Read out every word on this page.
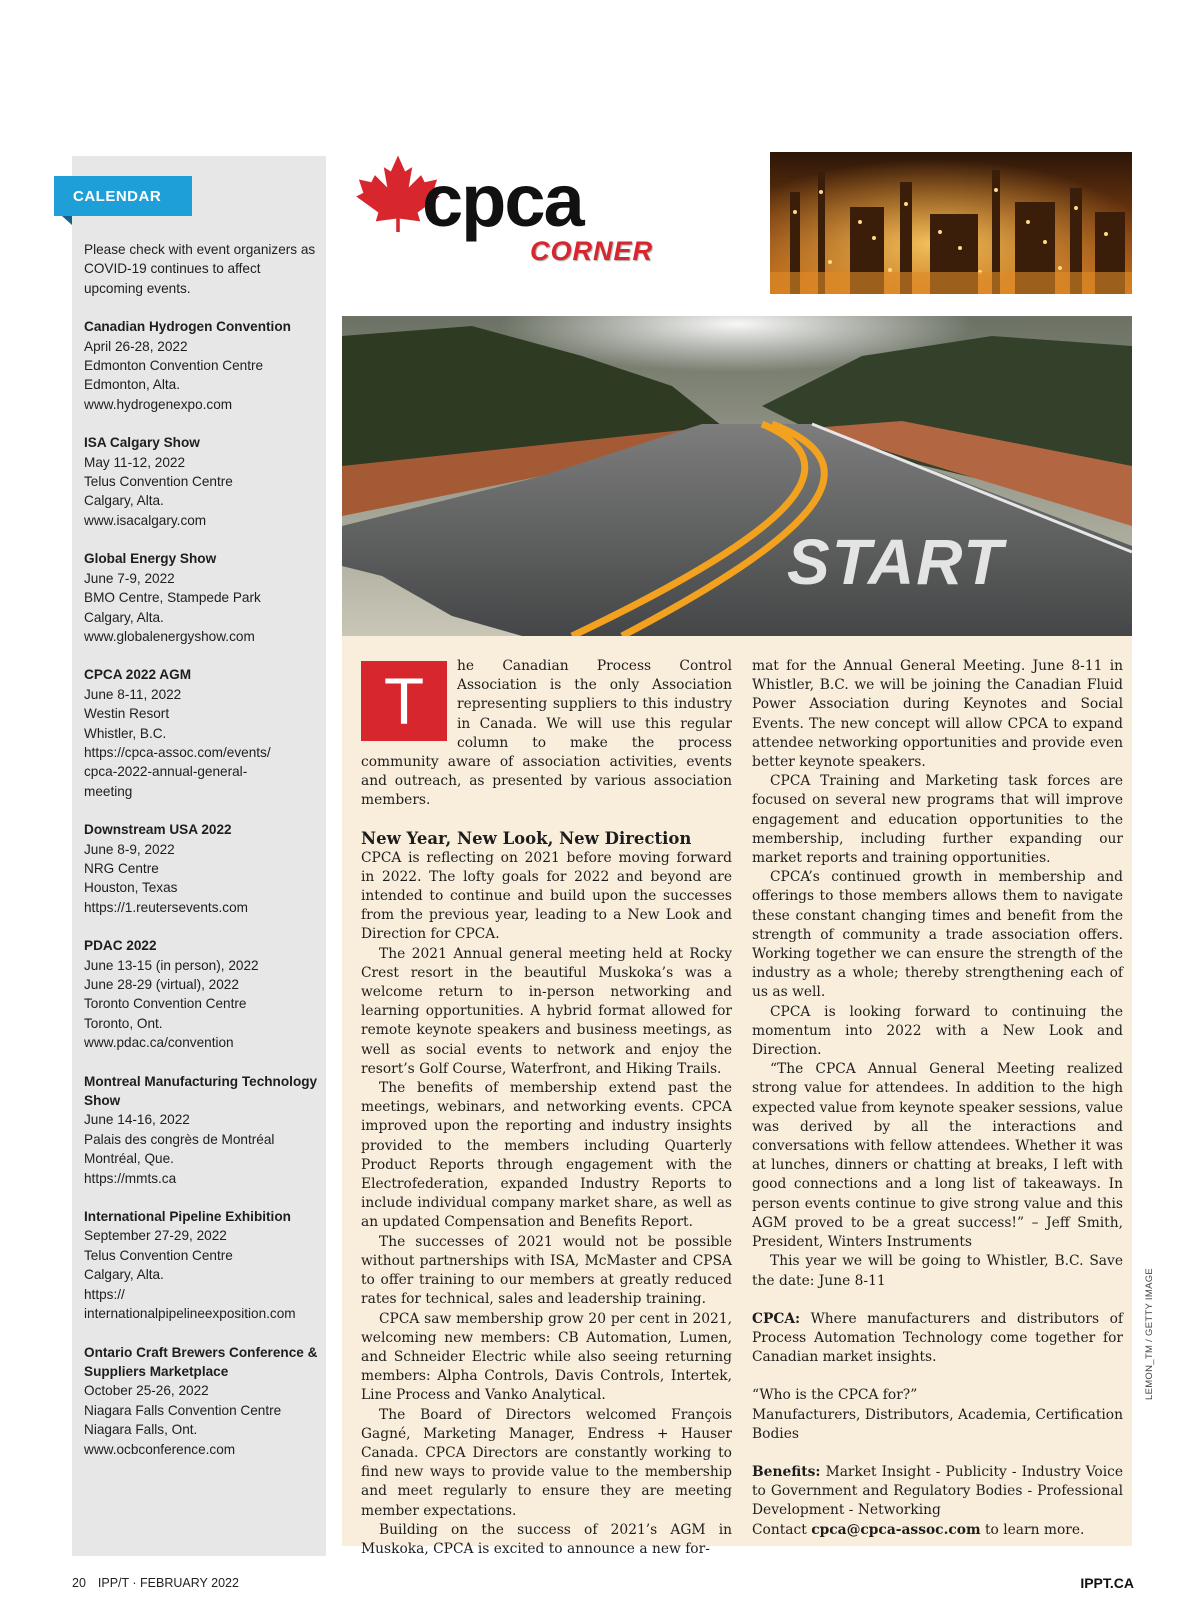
CALENDAR

Please check with event organizers as COVID-19 continues to affect upcoming events.

Canadian Hydrogen Convention
April 26-28, 2022
Edmonton Convention Centre
Edmonton, Alta.
www.hydrogenexpo.com
ISA Calgary Show
May 11-12, 2022
Telus Convention Centre
Calgary, Alta.
www.isacalgary.com
Global Energy Show
June 7-9, 2022
BMO Centre, Stampede Park
Calgary, Alta.
www.globalenergyshow.com
CPCA 2022 AGM
June 8-11, 2022
Westin Resort
Whistler, B.C.
https://cpca-assoc.com/events/
cpca-2022-annual-general-
meeting
Downstream USA 2022
June 8-9, 2022
NRG Centre
Houston, Texas
https://1.reutersevents.com
PDAC 2022
June 13-15 (in person), 2022
June 28-29 (virtual), 2022
Toronto Convention Centre
Toronto, Ont.
www.pdac.ca/convention
Montreal Manufacturing Technology Show
June 14-16, 2022
Palais des congrès de Montréal
Montréal, Que.
https://mmts.ca
International Pipeline Exhibition
September 27-29, 2022
Telus Convention Centre
Calgary, Alta.
https://
internationalpipelineexposition.com
Ontario Craft Brewers Conference & Suppliers Marketplace
October 25-26, 2022
Niagara Falls Convention Centre
Niagara Falls, Ont.
www.ocbconference.com
cpca
CORNER
START
T	he Canadian Process Control Association is the only Association representing suppliers to this industry in Canada. We will use this regular column to make the process community aware of association activities, events and outreach, as presented by various association members.

New Year, New Look, New Direction

CPCA is reflecting on 2021 before moving forward in 2022. The lofty goals for 2022 and beyond are intended to continue and build upon the successes from the previous year, leading to a New Look and Direction for CPCA.

The 2021 Annual general meeting held at Rocky Crest resort in the beautiful Muskoka’s was a welcome return to in-person networking and learning opportunities. A hybrid format allowed for remote keynote speakers and business meetings, as well as social events to network and enjoy the resort’s Golf Course, Waterfront, and Hiking Trails.

The benefits of membership extend past the meetings, webinars, and networking events. CPCA improved upon the reporting and industry insights provided to the members including Quarterly Product Reports through engagement with the Electrofederation, expanded Industry Reports to include individual company market share, as well as an updated Compensation and Benefits Report.

The successes of 2021 would not be possible without partnerships with ISA, McMaster and CPSA to offer training to our members at greatly reduced rates for technical, sales and leadership training.

CPCA saw membership grow 20 per cent in 2021, welcoming new members: CB Automation, Lumen, and Schneider Electric while also seeing returning members: Alpha Controls, Davis Controls, Intertek, Line Process and Vanko Analytical.

The Board of Directors welcomed François Gagné, Marketing Manager, Endress + Hauser Canada. CPCA Directors are constantly working to find new ways to provide value to the membership and meet regularly to ensure they are meeting member expectations.

Building on the success of 2021’s AGM in Muskoka, CPCA is excited to announce a new for-

mat for the Annual General Meeting. June 8-11 in Whistler, B.C. we will be joining the Canadian Fluid Power Association during Keynotes and Social Events. The new concept will allow CPCA to expand attendee networking opportunities and provide even better keynote speakers.

CPCA Training and Marketing task forces are focused on several new programs that will improve engagement and education opportunities to the membership, including further expanding our market reports and training opportunities.

CPCA’s continued growth in membership and offerings to those members allows them to navigate these constant changing times and benefit from the strength of community a trade association offers. Working together we can ensure the strength of the industry as a whole; thereby strengthening each of us as well.

CPCA is looking forward to continuing the momentum into 2022 with a New Look and Direction.

“The CPCA Annual General Meeting realized strong value for attendees. In addition to the high expected value from keynote speaker sessions, value was derived by all the interactions and conversations with fellow attendees. Whether it was at lunches, dinners or chatting at breaks, I left with good connections and a long list of takeaways. In person events continue to give strong value and this AGM proved to be a great success!” – Jeff Smith, President, Winters Instruments

This year we will be going to Whistler, B.C. Save the date: June 8-11

CPCA: Where manufacturers and distributors of Process Automation Technology come together for Canadian market insights.

“Who is the CPCA for?”

Manufacturers, Distributors, Academia, Certification Bodies

Benefits: Market Insight - Publicity - Industry Voice to Government and Regulatory Bodies - Professional Development - Networking

Contact cpca@cpca-assoc.com to learn more.

LEMON_TM / GETTY IMAGE
20 IPP/T · FEBRUARY 2022	IPPT.CA
